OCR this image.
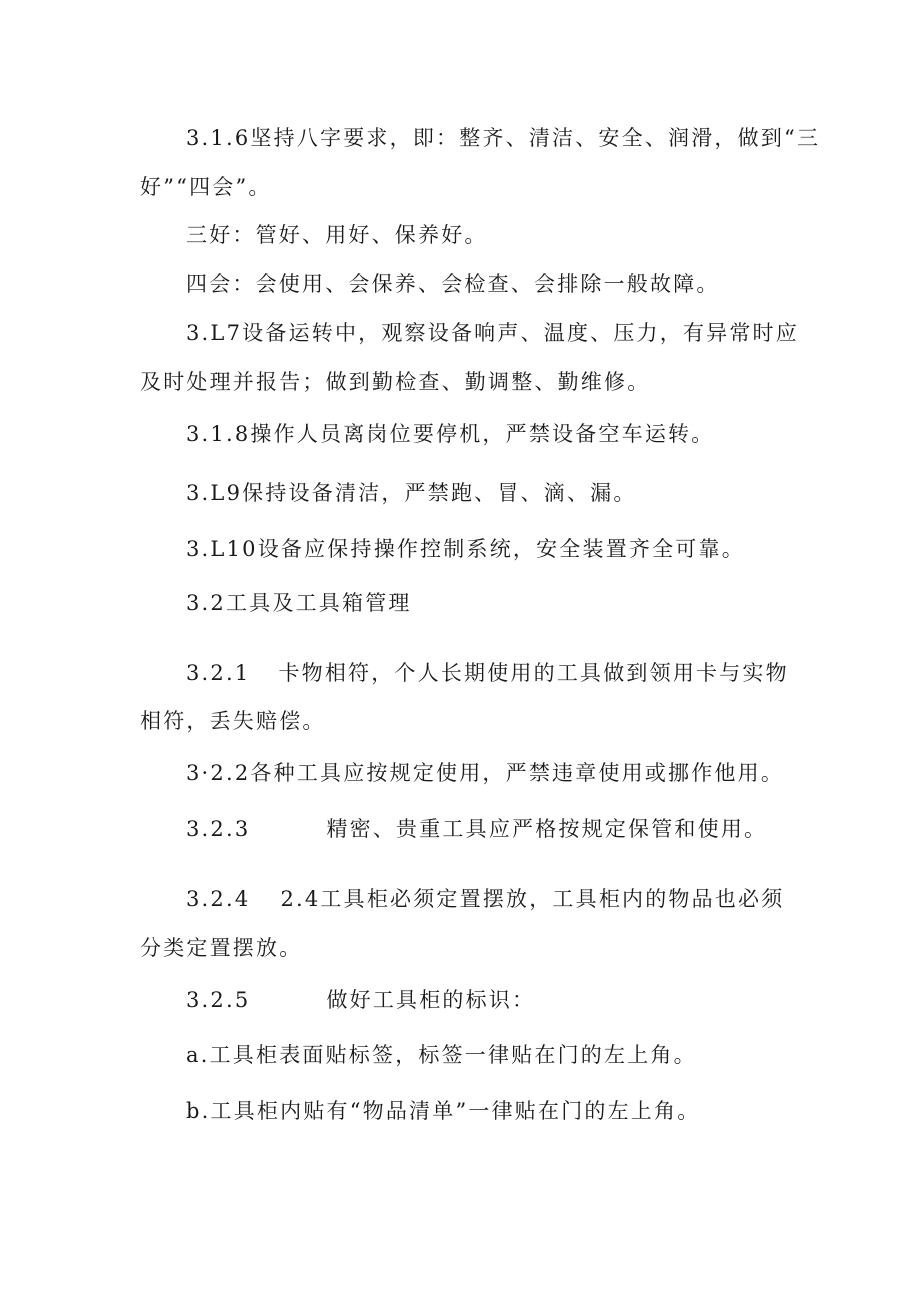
3.1.6坚持八字要求，即：整齐、清洁、安全、润滑，做到“三
好”“四会”。
三好：管好、用好、保养好。
四会：会使用、会保养、会检查、会排除一般故障。
3.L7设备运转中，观察设备响声、温度、压力，有异常时应
及时处理并报告；做到勤检查、勤调整、勤维修。
3.1.8操作人员离岗位要停机，严禁设备空车运转。
3.L9保持设备清洁，严禁跑、冒、滴、漏。
3.L10设备应保持操作控制系统，安全装置齐全可靠。
3.2工具及工具箱管理
3.2.1 卡物相符，个人长期使用的工具做到领用卡与实物
相符，丢失赔偿。
3·2.2各种工具应按规定使用，严禁违章使用或挪作他用。
3.2.3	精密、贵重工具应严格按规定保管和使用。
3.2.4 2.4工具柜必须定置摆放，工具柜内的物品也必须
分类定置摆放。
3.2.5	做好工具柜的标识：
a.工具柜表面贴标签，标签一律贴在门的左上角。
b.工具柜内贴有“物品清单”一律贴在门的左上角。
